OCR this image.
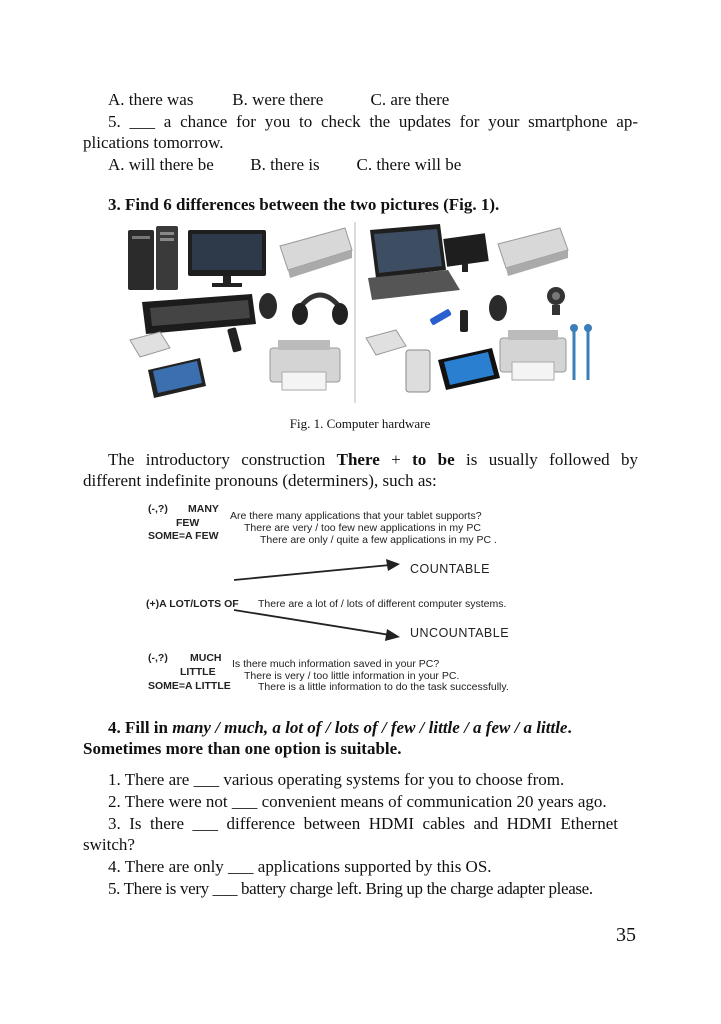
A. there was B. were there	C. are there
5. ___ a chance for you to check the updates for your smartphone ap-
plications tomorrow.
A. will there be B. there is C. there will be
3. Find 6 differences between the two pictures (Fig. 1).
Fig. 1. Computer hardware
The introductory construction There + to be is usually followed by
different indefinite pronouns (determiners), such as:
(-,?) MANY
FEW
SOME=A FEW
Are there many applications that your tablet supports?
There are very / too few new applications in my PC
There are only / quite a few applications in my PC .
COUNTABLE
(+)A LOT/LOTS OF There are a lot of / lots of different computer systems.
UNCOUNTABLE
(-,?) MUCH
LITTLE
SOME=A LITTLE
Is there much information saved in your PC?
There is very / too little information in your PC.
There is a little information to do the task successfully.
4. Fill in many / much, a lot of / lots of / few / little / a few / a little.
Sometimes more than one option is suitable.
1. There are ___ various operating systems for you to choose from.
2. There were not ___ convenient means of communication 20 years ago.
3.  Is  there  ___  difference  between  HDMI  cables  and  HDMI  Ethernet
switch?
4. There are only ___ applications supported by this OS.
5. There is very ___ battery charge left. Bring up the charge adapter please.
35
